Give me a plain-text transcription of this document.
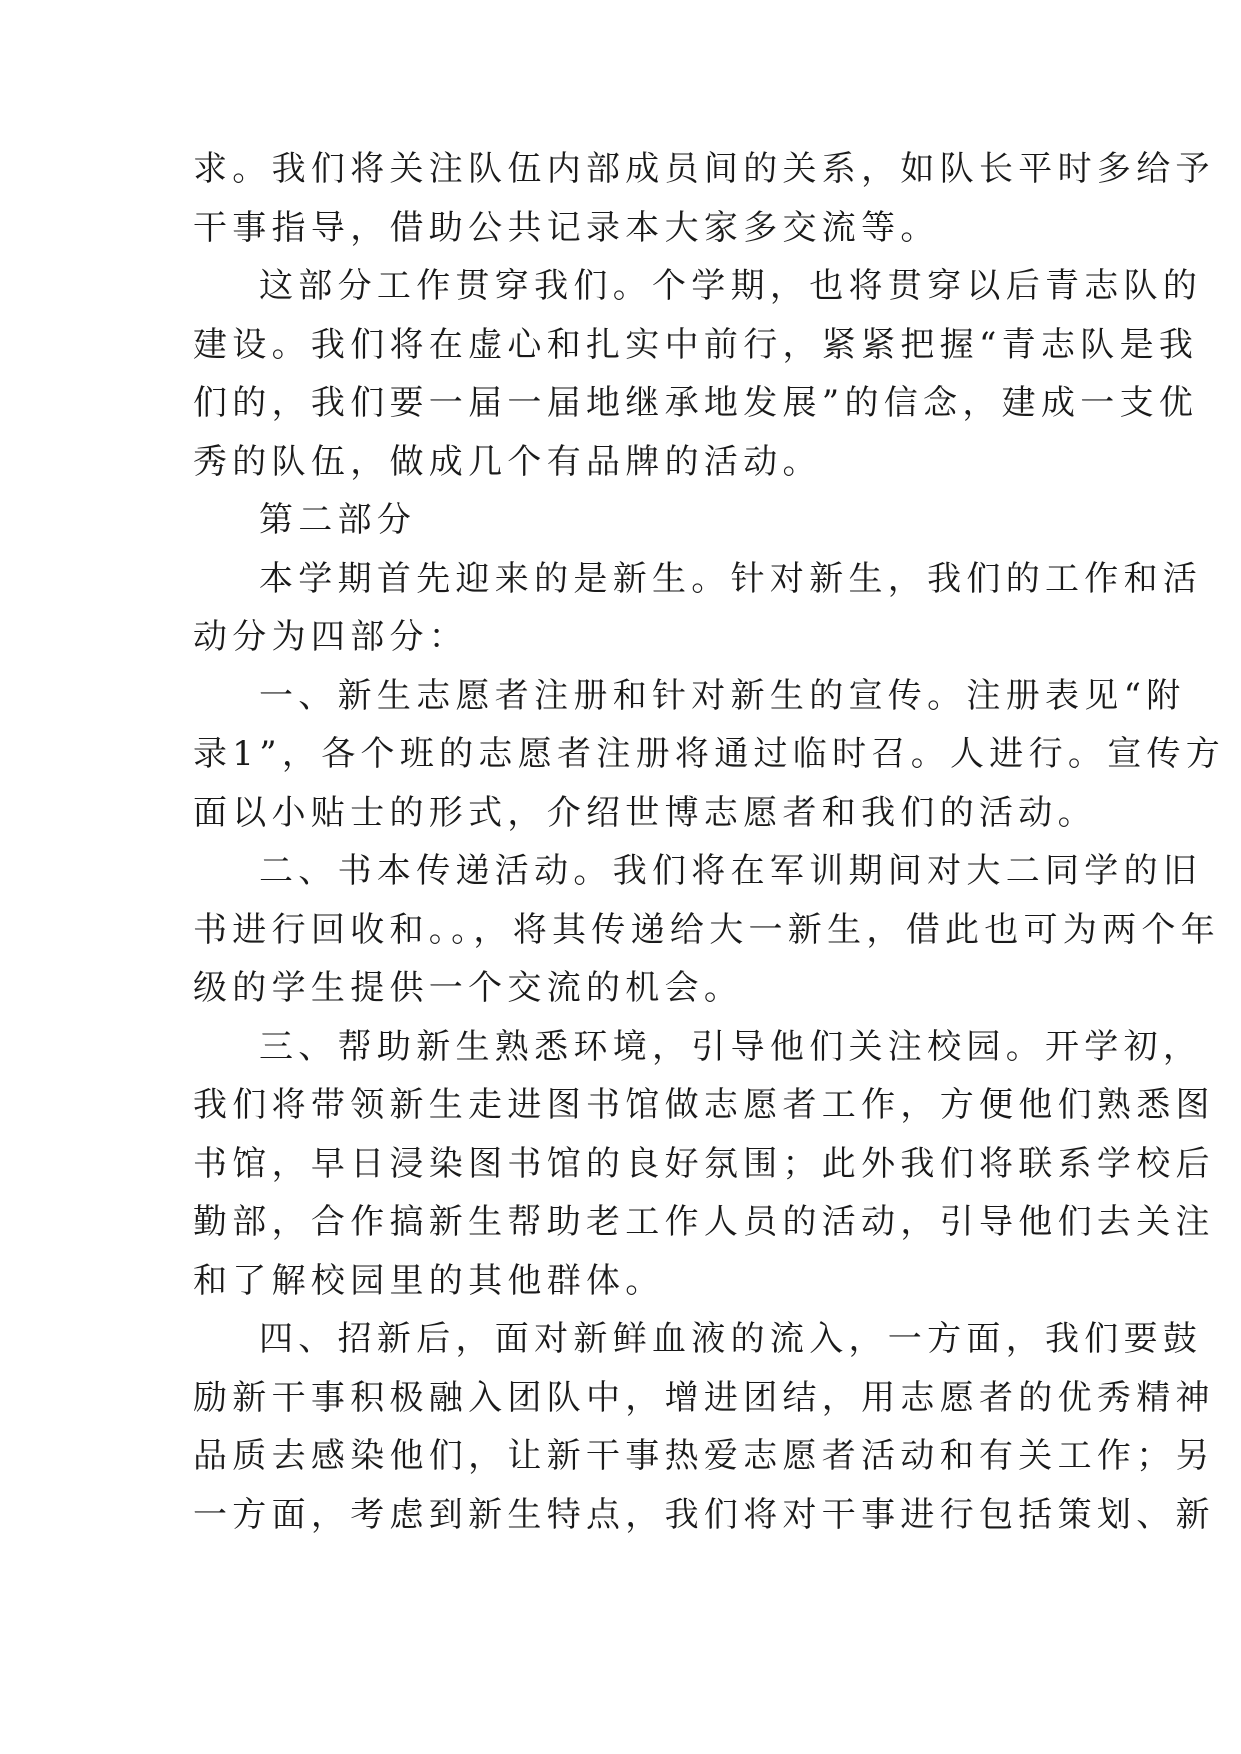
求。我们将关注队伍内部成员间的关系，如队长平时多给予
干事指导，借助公共记录本大家多交流等。
这部分工作贯穿我们。个学期，也将贯穿以后青志队的
建设。我们将在虚心和扎实中前行，紧紧把握“青志队是我
们的，我们要一届一届地继承地发展”的信念，建成一支优
秀的队伍，做成几个有品牌的活动。
第二部分
本学期首先迎来的是新生。针对新生，我们的工作和活
动分为四部分：
一、新生志愿者注册和针对新生的宣传。注册表见“附
录1”，各个班的志愿者注册将通过临时召。人进行。宣传方
面以小贴士的形式，介绍世博志愿者和我们的活动。
二、书本传递活动。我们将在军训期间对大二同学的旧
书进行回收和。。，将其传递给大一新生，借此也可为两个年
级的学生提供一个交流的机会。
三、帮助新生熟悉环境，引导他们关注校园。开学初，
我们将带领新生走进图书馆做志愿者工作，方便他们熟悉图
书馆，早日浸染图书馆的良好氛围；此外我们将联系学校后
勤部，合作搞新生帮助老工作人员的活动，引导他们去关注
和了解校园里的其他群体。
四、招新后，面对新鲜血液的流入，一方面，我们要鼓
励新干事积极融入团队中，增进团结，用志愿者的优秀精神
品质去感染他们，让新干事热爱志愿者活动和有关工作；另
一方面，考虑到新生特点，我们将对干事进行包括策划、新
